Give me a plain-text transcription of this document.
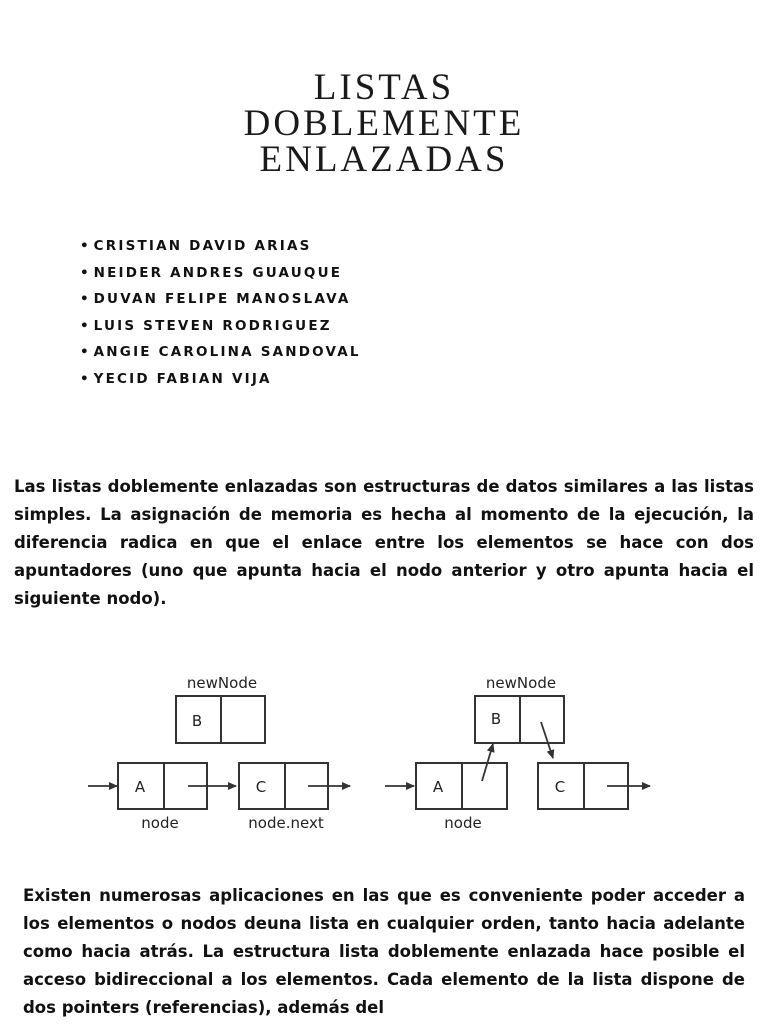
LISTAS
DOBLEMENTE
ENLAZADAS
• CRISTIAN DAVID ARIAS
• NEIDER ANDRES GUAUQUE
• DUVAN FELIPE MANOSLAVA
• LUIS STEVEN RODRIGUEZ
• ANGIE CAROLINA SANDOVAL
• YECID FABIAN VIJA

Las listas doblemente enlazadas son estructuras de datos similares a las listas simples. La asignación de memoria es hecha al momento de la ejecución, la diferencia radica en que el enlace entre los elementos se hace con dos apuntadores (uno que apunta hacia el nodo anterior y otro apunta hacia el siguiente nodo).

newNode
B
A	C
node	node.next
newNode
B
A	C
node

Existen numerosas aplicaciones en las que es conveniente poder acceder a los elementos o nodos deuna lista en cualquier orden, tanto hacia adelante como hacia atrás. La estructura lista doblemente enlazada hace posible el acceso bidireccional a los elementos. Cada elemento de la lista dispone de dos pointers (referencias), además del
